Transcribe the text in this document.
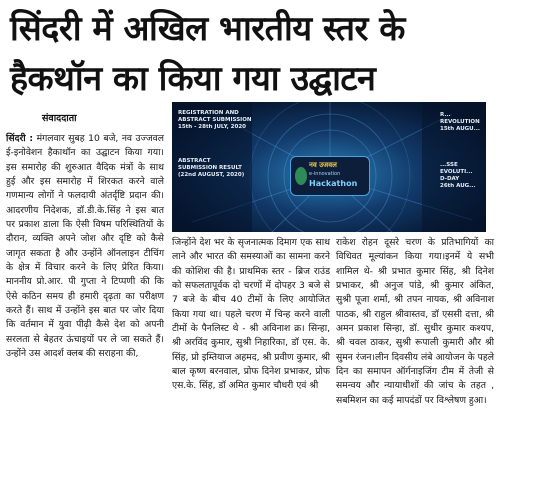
सिंदरी में अखिल भारतीय स्तर के
हैकथॉन का किया गया उद्घाटन
संवाददाता	REGISTRATION AND
ABSTRACT SUBMISSION
15th - 28th JULY, 2020
ABSTRACT
SUBMISSION RESULT
(22nd AUGUST, 2020)
R...
REVOLUTION
15th AUGU...
...SSE
EVOLUTI...
D-DAY
26th AUG...
नव उजवल
e-innovation
Hackathon
सिंदरी : मंगलवार सुबह 10 बजे, नव उज्जवल ई-इनोवेशन हैकाथॉन का उद्घाटन किया गया। इस समारोह की शुरुआत वैदिक मंत्रों के साथ हुई और इस समारोह में शिरकत करने वाले गणमान्य लोगों ने फलदायी अंतर्दृष्टि प्रदान की। आदरणीय निदेशक, डॉ.डी.के.सिंह ने इस बात पर प्रकाश डाला कि ऐसी विषम परिस्थितियों के दौरान, व्यक्ति अपने जोश और दृष्टि को कैसे जागृत सकता है और उन्होंने ऑनलाइन टीचिंग के क्षेत्र में विचार करने के लिए प्रेरित किया। माननीय प्रो.आर. पी गुप्ता ने टिप्पणी की कि ऐसे कठिन समय ही हमारी दृढ़ता का परीक्षण करते हैं। साथ में उन्होंने इस बात पर जोर दिया कि वर्तमान में युवा पीढ़ी कैसे देश को अपनी सरलता से बेहतर ऊंचाइयों पर ले जा सकते हैं। उन्होंने उस आदर्श क्लब की सराहना की,
जिन्होंने देश भर के सृजनात्मक दिमाग एक साथ लाने और भारत की समस्याओं का सामना करने की कोशिश की है। प्राथमिक स्तर - ब्रिज राउंड को सफलतापूर्वक दो चरणों में दोपहर 3 बजे से 7 बजे के बीच 40 टीमों के लिए आयोजित किया गया था। पहले चरण में चिन्ह करने वाली टीमों के पैनलिस्ट थे - श्री अविनाश क्र। सिन्हा, श्री अरविंद कुमार, सुश्री निहारिका, डॉ एस. के. सिंह, प्रो इम्तियाज अहमद, श्री प्रवीण कुमार, श्री बाल कृष्ण बरनवाल, प्रोफ दिनेश प्रभाकर, प्रोफ एस.के. सिंह, डॉ अमित कुमार चौधरी एवं श्री
राकेश रोहन दूसरे चरण के प्रतिभागियों का विधिवत मूल्यांकन किया गया।इनमें ये सभी शामिल थे- श्री प्रभात कुमार सिंह, श्री दिनेश प्रभाकर, श्री अनुज पांडे, श्री कुमार अंकित, सुश्री पूजा शर्मा, श्री तपन नायक, श्री अविनाश पाठक, श्री राहुल श्रीवास्तव, डॉ एससी दत्ता, श्री अमन प्रकाश सिन्हा, डॉ. सुधीर कुमार कश्यप, श्री चवल ठाकर, सुश्री रूपाली कुमारी और श्री सुमन रंजन।लीन दिवसीय लंबे आयोजन के पहले दिन का समापन ऑर्गनाइजिंग टीम में तेजी से समन्वय और न्यायाधीशों की जांच के तहत , सबमिशन का कई मापदंडों पर विश्लेषण हुआ।
